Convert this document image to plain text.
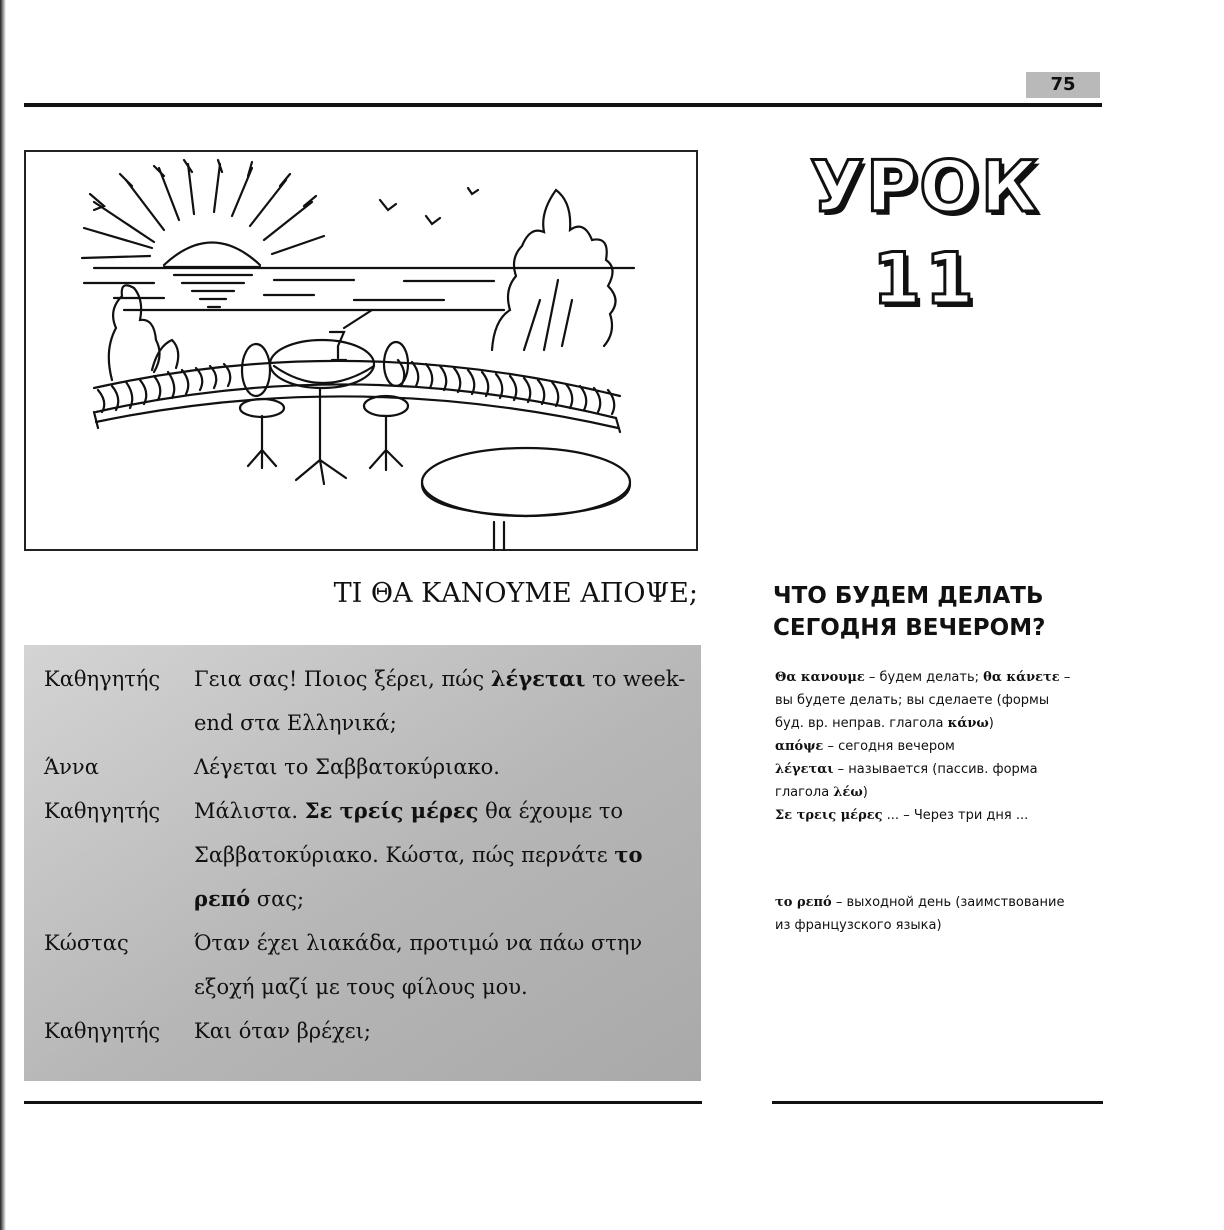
75
УРОК
11
ΤΙ ΘΑ ΚΑΝΟΥΜΕ ΑΠΟΨΕ;	ЧТО БУДЕМ ДЕЛАТЬ СЕГОДНЯ ВЕЧЕРОМ?
Καθηγητής Γεια σας! Ποιος ξέρει, πώς λέγεται το week-
end στα Ελληνικά;
Άννα	Λέγεται το Σαββατοκύριακο.
Καθηγητής Μάλιστα. Σε τρείς μέρες θα έχουμε το
Σαββατοκύριακο. Κώστα, πώς περνάτε το
ρεπό σας;
Κώστας	Όταν έχει λιακάδα, προτιμώ να πάω στην
εξοχή μαζί με τους φίλους μου.
Καθηγητής Και όταν βρέχει;
Θα κανουμε – будем делать; θα κάνετε –
вы будете делать; вы сделаете (формы
буд. вр. неправ. глагола κάνω)
απόψε – сегодня вечером
λέγεται – называется (пассив. форма
глагола λέω)
Σε τρεις μέρες ... – Через три дня ...
το ρεπό – выходной день (заимствование
из французского языка)
